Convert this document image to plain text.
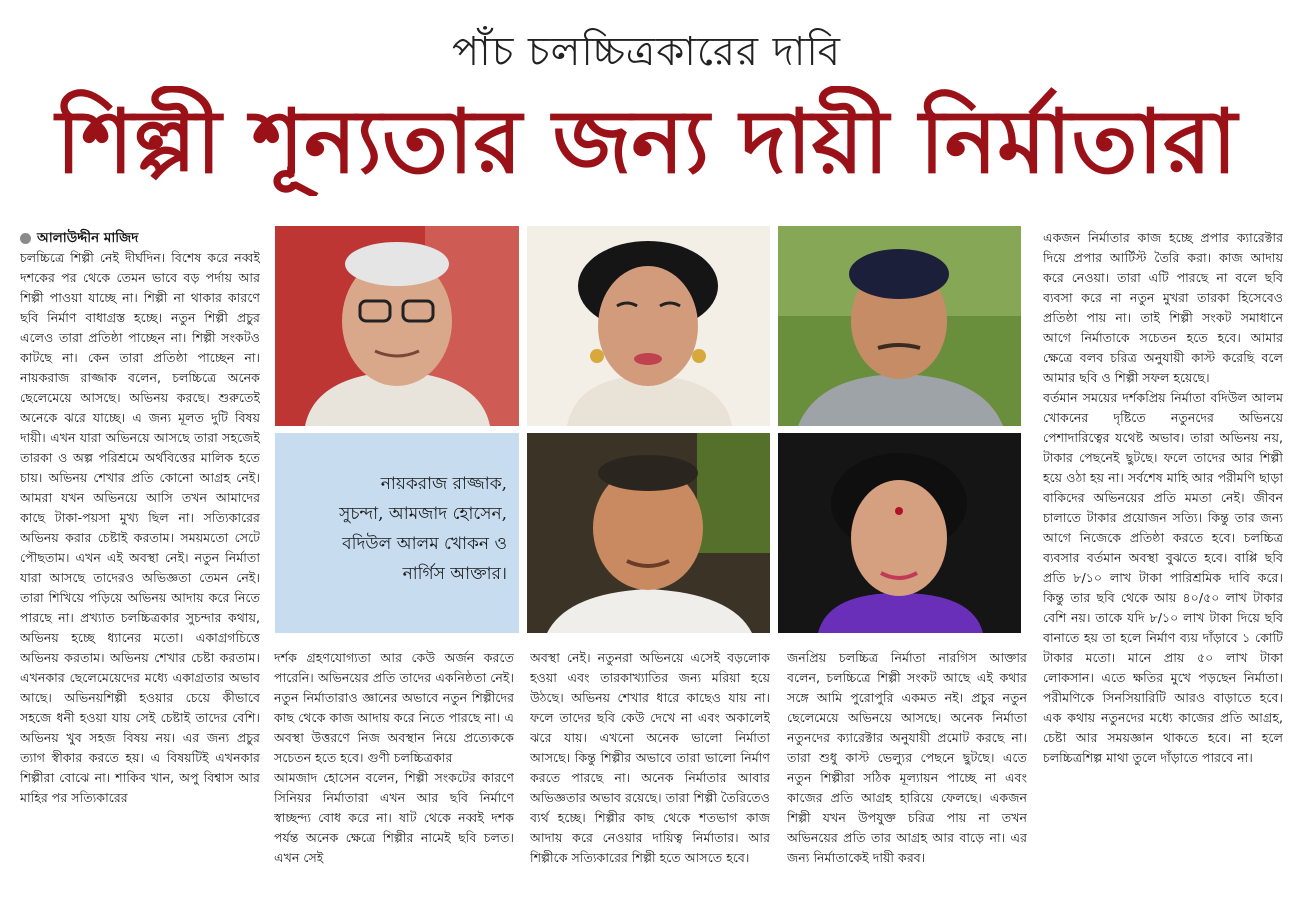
পাঁচ চলচ্চিত্রকারের দাবি
শিল্পী শূন্যতার জন্য দায়ী নির্মাতারা
আলাউদ্দীন মাজিদ

চলচ্চিত্রে শিল্পী নেই দীর্ঘদিন। বিশেষ করে নব্বই দশকের পর থেকে তেমন ভাবে বড় পর্দায় আর শিল্পী পাওয়া যাচ্ছে না। শিল্পী না থাকার কারণে ছবি নির্মাণ বাধাগ্রস্ত হচ্ছে। নতুন শিল্পী প্রচুর এলেও তারা প্রতিষ্ঠা পাচ্ছেন না। শিল্পী সংকটও কাটছে না। কেন তারা প্রতিষ্ঠা পাচ্ছেন না। নায়করাজ রাজ্জাক বলেন, চলচ্চিত্রে অনেক ছেলেমেয়ে আসছে। অভিনয় করছে। শুরুতেই অনেকে ঝরে যাচ্ছে। এ জন্য মূলত দুটি বিষয় দায়ী। এখন যারা অভিনয়ে আসছে তারা সহজেই তারকা ও অল্প পরিশ্রমে অর্থবিত্তের মালিক হতে চায়। অভিনয় শেখার প্রতি কোনো আগ্রহ নেই। আমরা যখন অভিনয়ে আসি তখন আমাদের কাছে টাকা-পয়সা মুখ্য ছিল না। সত্যিকারের অভিনয় করার চেষ্টাই করতাম। সময়মতো সেটে পৌছতাম। এখন এই অবস্থা নেই। নতুন নির্মাতা যারা আসছে তাদেরও অভিজ্ঞতা তেমন নেই। তারা শিখিয়ে পড়িয়ে অভিনয় আদায় করে নিতে পারছে না। প্রখ্যাত চলচ্চিত্রকার সুচন্দার কথায়, অভিনয় হচ্ছে ধ্যানের মতো। একাগ্রগচিত্তে অভিনয় করতাম। অভিনয় শেখার চেষ্টা করতাম। এখনকার ছেলেমেয়েদের মধ্যে একাগ্রতার অভাব আছে। অভিনয়শিল্পী হওয়ার চেয়ে কীভাবে সহজে ধনী হওয়া যায় সেই চেষ্টাই তাদের বেশি। অভিনয় খুব সহজ বিষয় নয়। এর জন্য প্রচুর ত্যাগ স্বীকার করতে হয়। এ বিষয়টিই এখনকার শিল্পীরা বোঝে না। শাকিব খান, অপু বিশ্বাস আর মাহির পর সত্যিকারের

নায়করাজ রাজ্জাক,
সুচন্দা, আমজাদ হোসেন,
বদিউল আলম খোকন ও
নার্গিস আক্তার।

দর্শক গ্রহণযোগ্যতা আর কেউ অর্জন করতে পারেনি। অভিনয়ের প্রতি তাদের একনিষ্ঠতা নেই। নতুন নির্মাতারাও জ্ঞানের অভাবে নতুন শিল্পীদের কাছ থেকে কাজ আদায় করে নিতে পারছে না। এ অবস্থা উত্তরণে নিজ অবস্থান নিয়ে প্রত্যেককে সচেতন হতে হবে। গুণী চলচ্চিত্রকার

আমজাদ হোসেন বলেন, শিল্পী সংকটের কারণে সিনিয়র নির্মাতারা এখন আর ছবি নির্মাণে স্বাচ্ছন্দ্য বোধ করে না। ষাট থেকে নব্বই দশক পর্যন্ত অনেক ক্ষেত্রে শিল্পীর নামেই ছবি চলত। এখন সেই

অবস্থা নেই। নতুনরা অভিনয়ে এসেই বড়লোক হওয়া এবং তারকাখ্যাতির জন্য মরিয়া হয়ে উঠছে। অভিনয় শেখার ধারে কাছেও যায় না। ফলে তাদের ছবি কেউ দেখে না এবং অকালেই ঝরে যায়। এখনো অনেক ভালো নির্মাতা আসছে। কিন্তু শিল্পীর অভাবে তারা ভালো নির্মাণ করতে পারছে না। অনেক নির্মাতার আবার অভিজ্ঞতার অভাব রয়েছে। তারা শিল্পী তৈরিতেও ব্যর্থ হচ্ছে। শিল্পীর কাছ থেকে শতভাগ কাজ আদায় করে নেওয়ার দায়িত্ব নির্মাতার। আর শিল্পীকে সত্যিকারের শিল্পী হতে আসতে হবে।

জনপ্রিয় চলচ্চিত্র নির্মাতা নারগিস আক্তার বলেন, চলচ্চিত্রে শিল্পী সংকট আছে এই কথার সঙ্গে আমি পুরোপুরি একমত নই। প্রচুর নতুন ছেলেমেয়ে অভিনয়ে আসছে। অনেক নির্মাতা নতুনদের ক্যারেক্টার অনুযায়ী প্রমোট করছে না। তারা শুধু কাস্ট ভেল্যুর পেছনে ছুটছে। এতে নতুন শিল্পীরা সঠিক মূল্যায়ন পাচ্ছে না এবং কাজের প্রতি আগ্রহ হারিয়ে ফেলছে। একজন শিল্পী যখন উপযুক্ত চরিত্র পায় না তখন অভিনয়ের প্রতি তার আগ্রহ আর বাড়ে না। এর জন্য নির্মাতাকেই দায়ী করব।

একজন নির্মাতার কাজ হচ্ছে প্রপার ক্যারেক্টার দিয়ে প্রপার আর্টিস্ট তৈরি করা। কাজ আদায় করে নেওয়া। তারা এটি পারছে না বলে ছবি ব্যবসা করে না নতুন মুখরা তারকা হিসেবেও প্রতিষ্ঠা পায় না। তাই শিল্পী সংকট সমাধানে আগে নির্মাতাকে সচেতন হতে হবে। আমার ক্ষেত্রে বলব চরিত্র অনুযায়ী কাস্ট করেছি বলে আমার ছবি ও শিল্পী সফল হয়েছে।

বর্তমান সময়ের দর্শকপ্রিয় নির্মাতা বদিউল আলম খোকনের দৃষ্টিতে নতুনদের অভিনয়ে পেশাদারিত্বের যথেষ্ট অভাব। তারা অভিনয় নয়, টাকার পেছনেই ছুটছে। ফলে তাদের আর শিল্পী হয়ে ওঠা হয় না। সর্বশেষ মাহি আর পরীমণি ছাড়া বাকিদের অভিনয়ের প্রতি মমতা নেই। জীবন চালাতে টাকার প্রয়োজন সত্যি। কিন্তু তার জন্য আগে নিজেকে প্রতিষ্ঠা করতে হবে। চলচ্চিত্র ব্যবসার বর্তমান অবস্থা বুঝতে হবে। বাপ্পি ছবি প্রতি ৮/১০ লাখ টাকা পারিশ্রমিক দাবি করে। কিন্তু তার ছবি থেকে আয় ৪০/৫০ লাখ টাকার বেশি নয়। তাকে যদি ৮/১০ লাখ টাকা দিয়ে ছবি বানাতে হয় তা হলে নির্মাণ ব্যয় দাঁড়াবে ১ কোটি টাকার মতো। মানে প্রায় ৫০ লাখ টাকা লোকসান। এতে ক্ষতির মুখে পড়ছেন নির্মাতা। পরীমণিকে সিনসিয়ারিটি আরও বাড়াতে হবে। এক কথায় নতুনদের মধ্যে কাজের প্রতি আগ্রহ, চেষ্টা আর সময়জ্ঞান থাকতে হবে। না হলে চলচ্চিত্রশিল্প মাথা তুলে দাঁড়াতে পারবে না।
